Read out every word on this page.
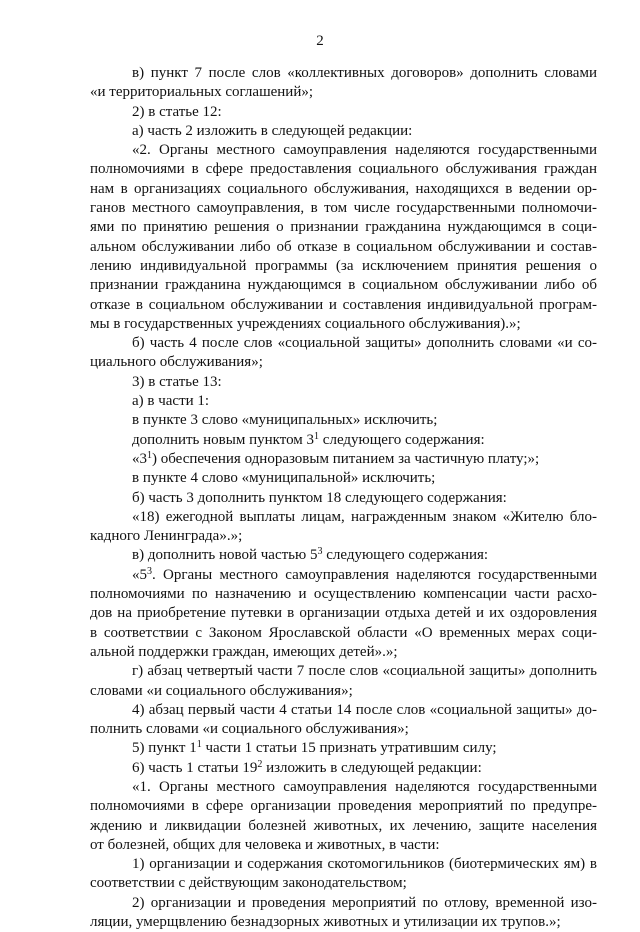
2

в) пункт 7 после слов «коллективных договоров» дополнить словами

«и территориальных соглашений»;

2) в статье 12:

а) часть 2 изложить в следующей редакции:

«2. Органы местного самоуправления наделяются государственными

полномочиями в сфере предоставления социального обслуживания граждан

нам в организациях социального обслуживания, находящихся в ведении ор-

ганов местного самоуправления, в том числе государственными полномочи-

ями по принятию решения о признании гражданина нуждающимся в соци-

альном обслуживании либо об отказе в социальном обслуживании и состав-

лению индивидуальной программы (за исключением принятия решения о

признании гражданина нуждающимся в социальном обслуживании либо об

отказе в социальном обслуживании и составления индивидуальной програм-

мы в государственных учреждениях социального обслуживания).»;

б) часть 4 после слов «социальной защиты» дополнить словами «и со-

циального обслуживания»;

3) в статье 13:

а) в части 1:

в пункте 3 слово «муниципальных» исключить;

дополнить новым пунктом $3^1$ следующего содержания:

«$3^1$) обеспечения одноразовым питанием за частичную плату;»;

в пункте 4 слово «муниципальной» исключить;

б) часть 3 дополнить пунктом 18 следующего содержания:

«18) ежегодной выплаты лицам, награжденным знаком «Жителю бло-

кадного Ленинграда».»;

в) дополнить новой частью $5^3$ следующего содержания:

«$5^3$. Органы местного самоуправления наделяются государственными

полномочиями по назначению и осуществлению компенсации части расхо-

дов на приобретение путевки в организации отдыха детей и их оздоровления

в соответствии с Законом Ярославской области «О временных мерах соци-

альной поддержки граждан, имеющих детей».»;

г) абзац четвертый части 7 после слов «социальной защиты» дополнить

словами «и социального обслуживания»;

4) абзац первый части 4 статьи 14 после слов «социальной защиты» до-

полнить словами «и социального обслуживания»;

5) пункт $1^1$ части 1 статьи 15 признать утратившим силу;

6) часть 1 статьи $19^2$ изложить в следующей редакции:

«1. Органы местного самоуправления наделяются государственными

полномочиями в сфере организации проведения мероприятий по предупре-

ждению и ликвидации болезней животных, их лечению, защите населения

от болезней, общих для человека и животных, в части:

1) организации и содержания скотомогильников (биотермических ям) в

соответствии с действующим законодательством;

2) организации и проведения мероприятий по отлову, временной изо-

ляции, умерщвлению безнадзорных животных и утилизации их трупов.»;
